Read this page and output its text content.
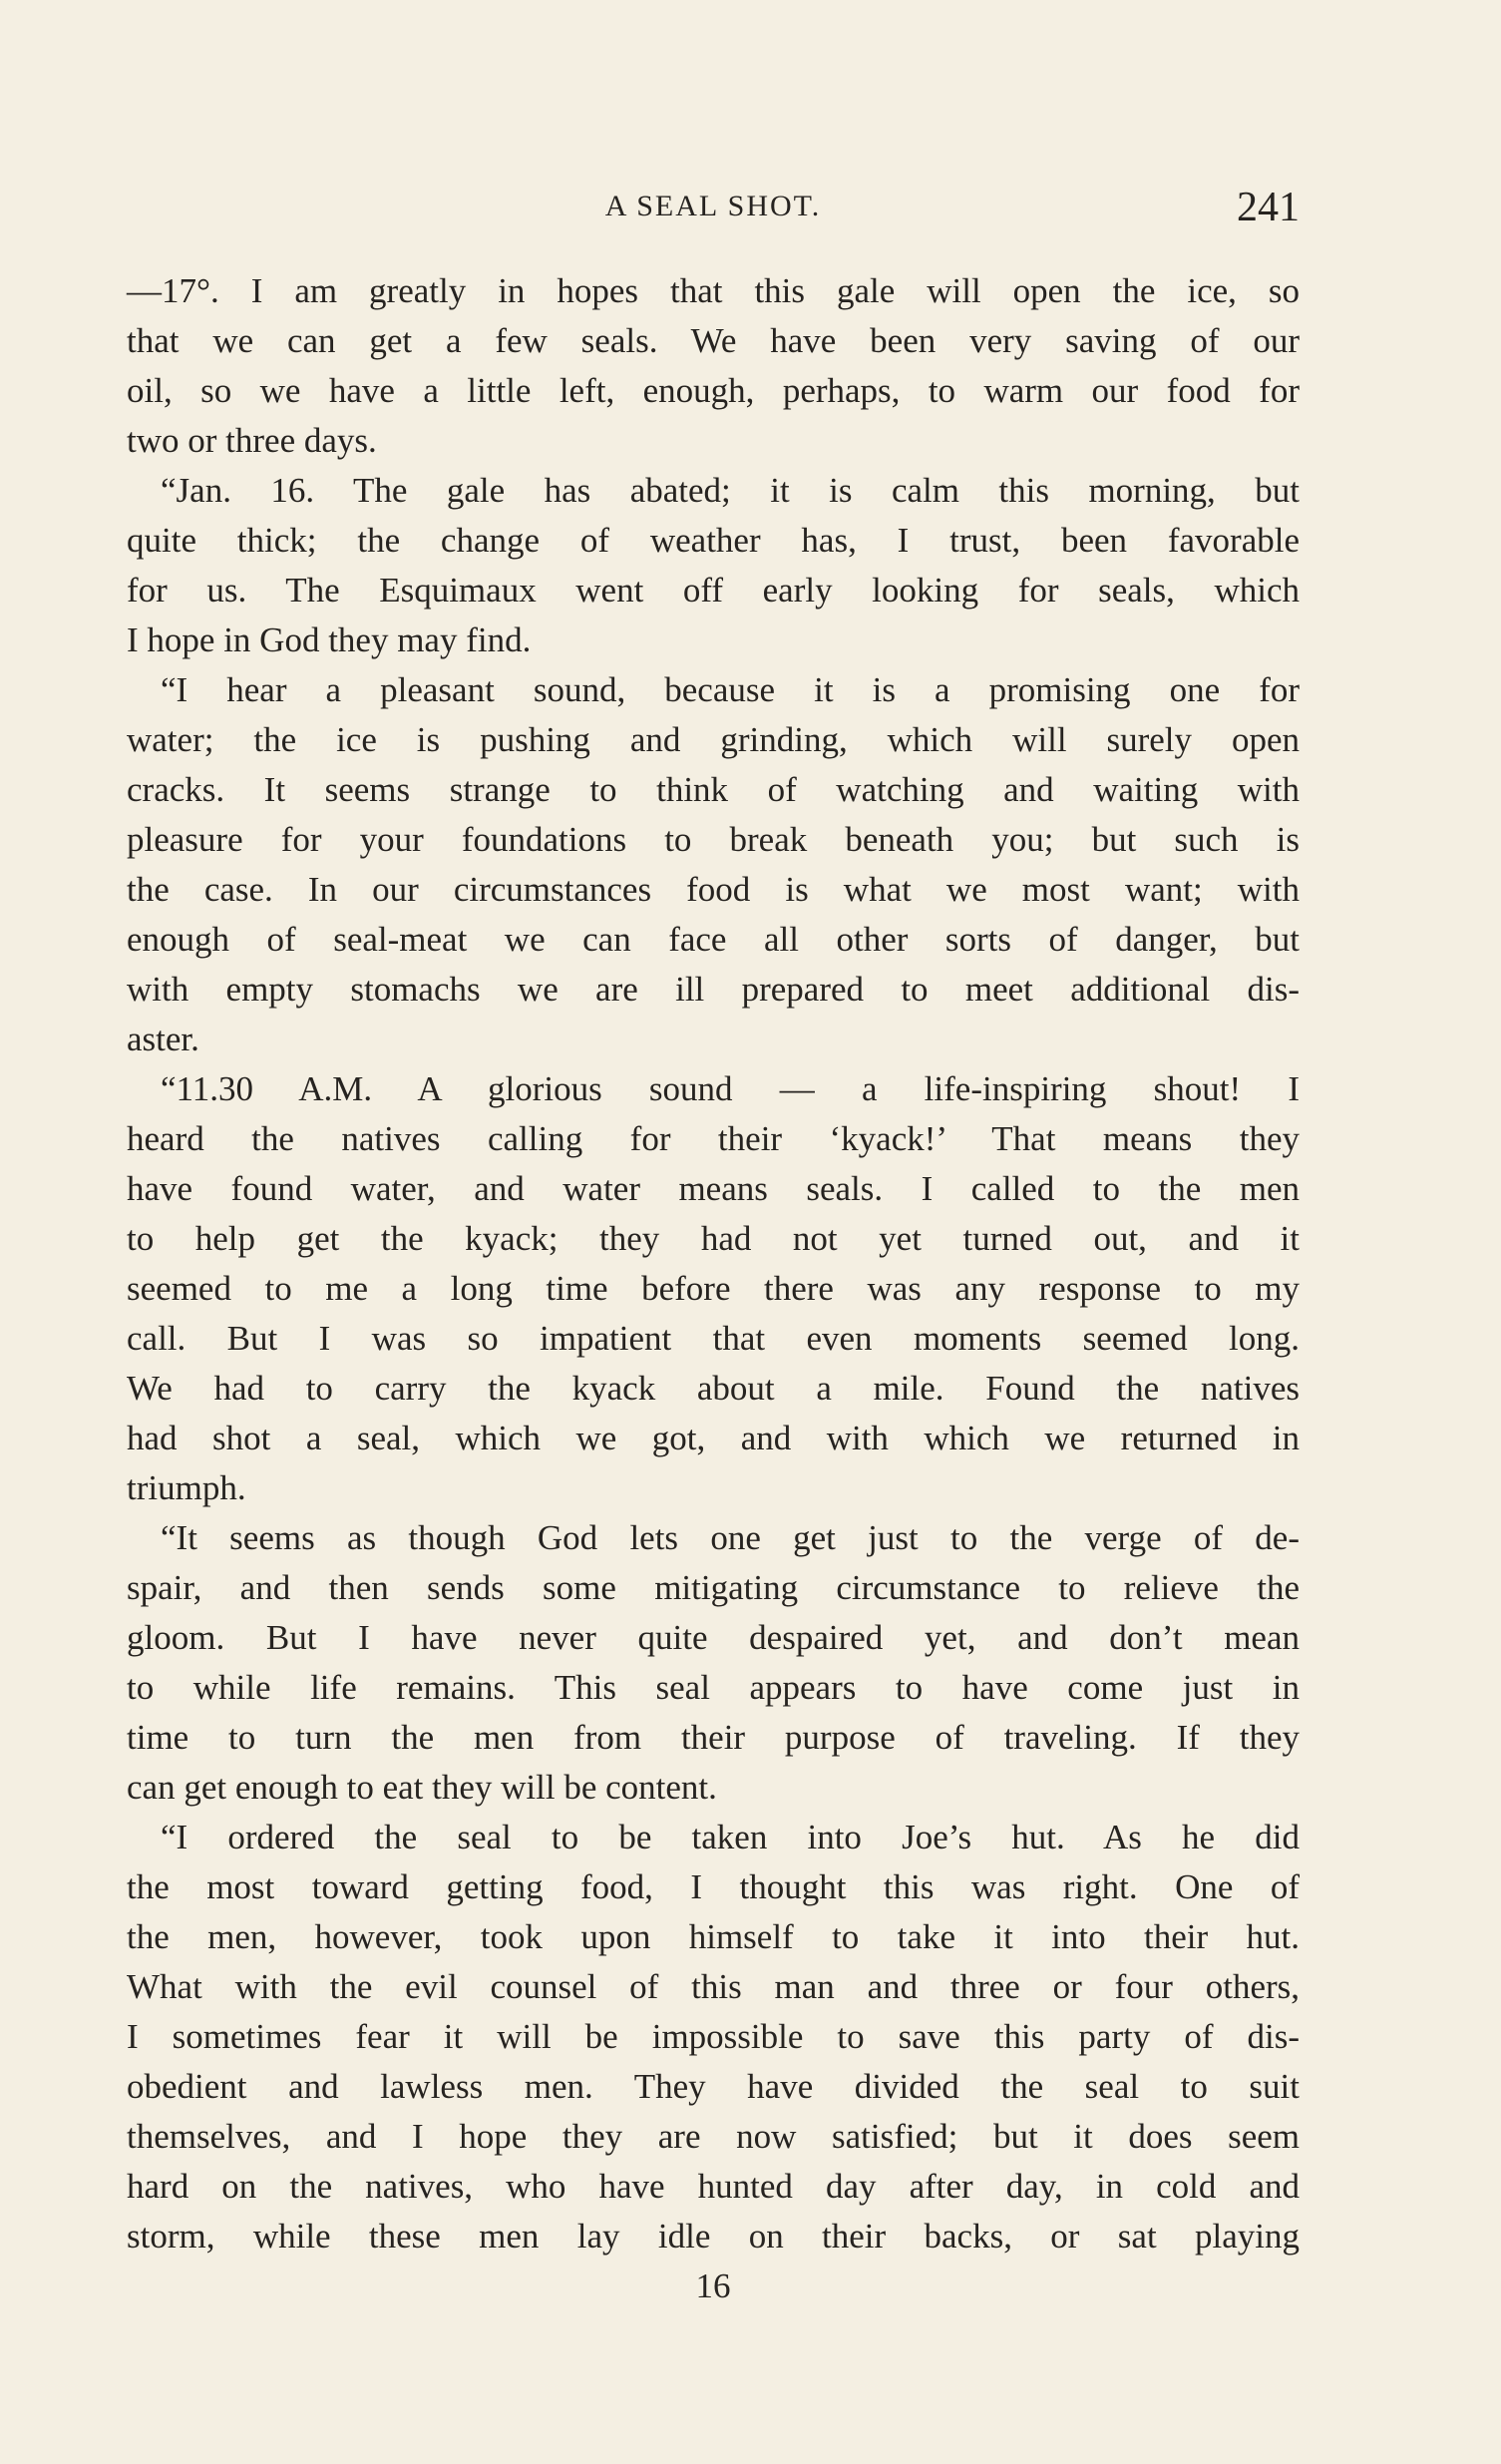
A SEAL SHOT.	241
—17°. I am greatly in hopes that this gale will open the ice, so
that we can get a few seals. We have been very saving of our
oil, so we have a little left, enough, perhaps, to warm our food for
two or three days.
“Jan. 16. The gale has abated; it is calm this morning, but
quite thick; the change of weather has, I trust, been favorable
for us. The Esquimaux went off early looking for seals, which
I hope in God they may find.
“I hear a pleasant sound, because it is a promising one for
water; the ice is pushing and grinding, which will surely open
cracks. It seems strange to think of watching and waiting with
pleasure for your foundations to break beneath you; but such is
the case. In our circumstances food is what we most want; with
enough of seal-meat we can face all other sorts of danger, but
with empty stomachs we are ill prepared to meet additional dis-
aster.
“11.30 A.M. A glorious sound — a life-inspiring shout! I
heard the natives calling for their ‘kyack!’ That means they
have found water, and water means seals. I called to the men
to help get the kyack; they had not yet turned out, and it
seemed to me a long time before there was any response to my
call. But I was so impatient that even moments seemed long.
We had to carry the kyack about a mile. Found the natives
had shot a seal, which we got, and with which we returned in
triumph.
“It seems as though God lets one get just to the verge of de-
spair, and then sends some mitigating circumstance to relieve the
gloom. But I have never quite despaired yet, and don’t mean
to while life remains. This seal appears to have come just in
time to turn the men from their purpose of traveling. If they
can get enough to eat they will be content.
“I ordered the seal to be taken into Joe’s hut. As he did
the most toward getting food, I thought this was right. One of
the men, however, took upon himself to take it into their hut.
What with the evil counsel of this man and three or four others,
I sometimes fear it will be impossible to save this party of dis-
obedient and lawless men. They have divided the seal to suit
themselves, and I hope they are now satisfied; but it does seem
hard on the natives, who have hunted day after day, in cold and
storm, while these men lay idle on their backs, or sat playing
16
